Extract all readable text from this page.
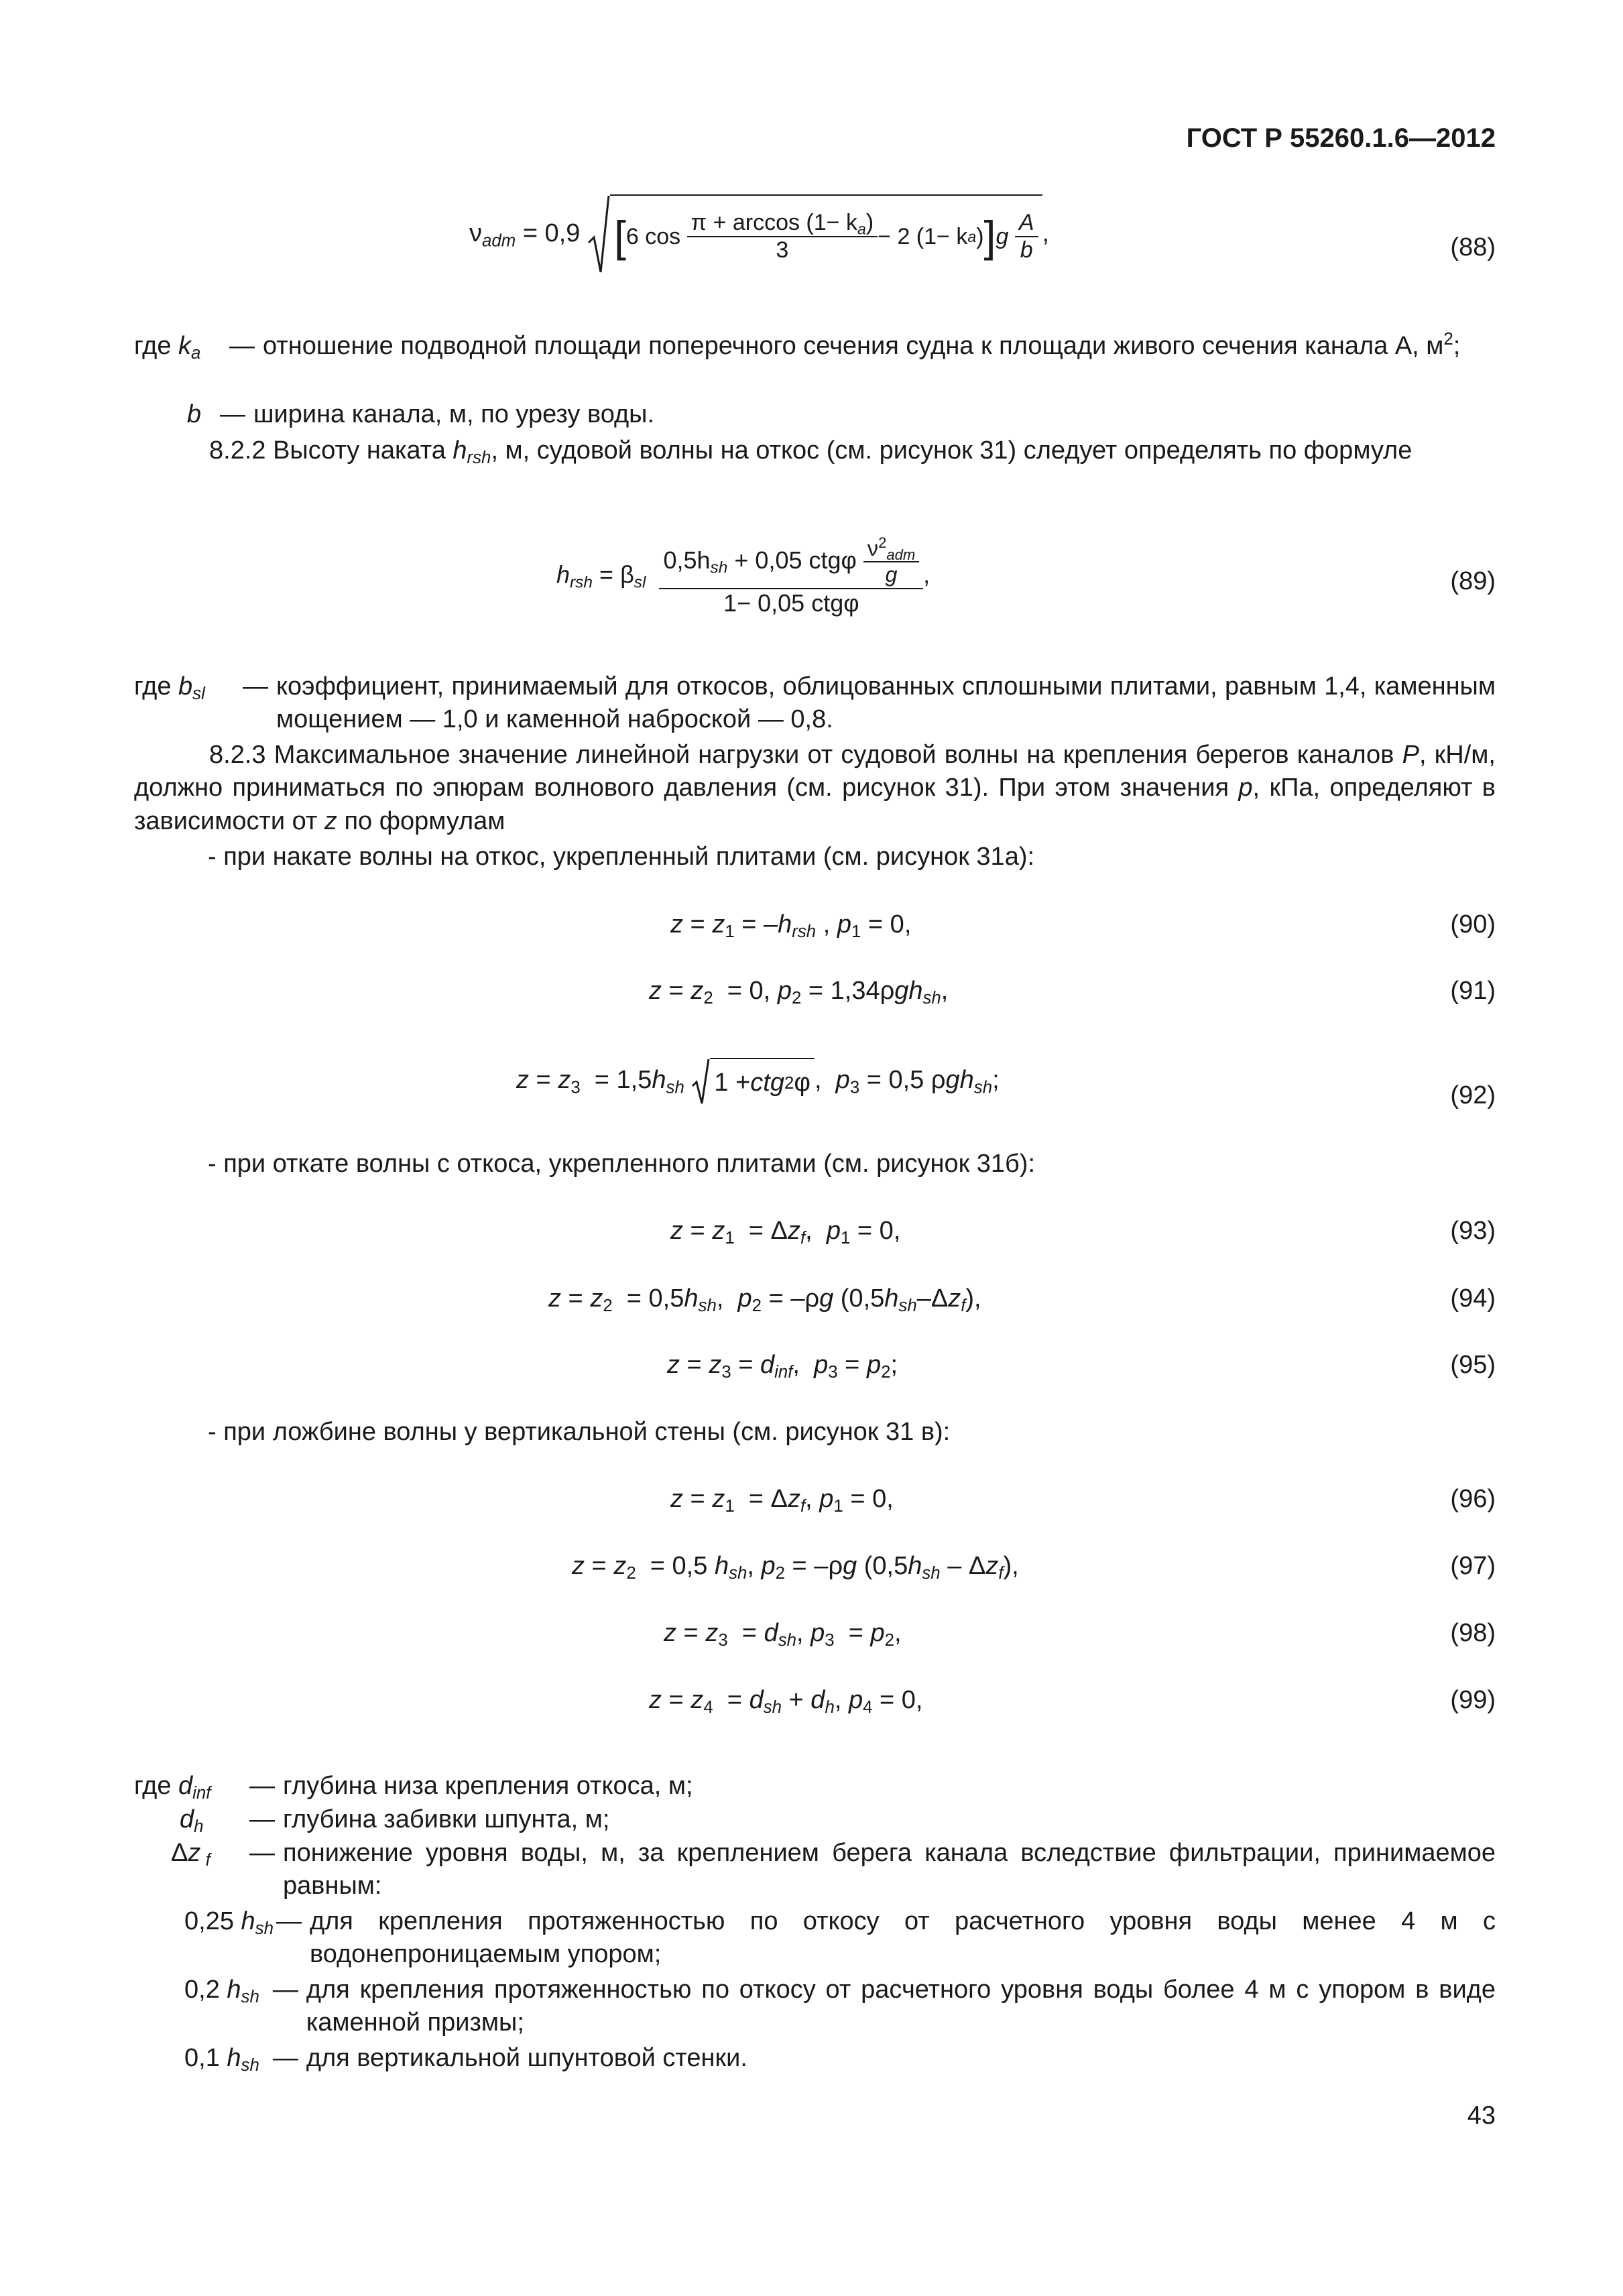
ГОСТ Р 55260.1.6—2012
$\nu_{adm} = 0,9$ [ 6 cos
$\frac{\pi + \arccos (1- k_a)}{3} - 2$ (1− k a ) ] g
$\frac{A}{b}$ ,	(88)
где $k_a$	— отношение подводной площади поперечного сечения судна к площади живого сечения канала А, $м^2$;
b — ширина канала, м, по урезу воды.
8.2.2 Высоту наката $h_{rsh}$, м, судовой волны на откос (см. рисунок 31) следует определять по формуле
$h_{rsh} = \beta_{sl} \frac{0,5h_{sh} + 0,05 ctg\varphi \frac{\nu^2_{adm}}{g}}{\text{1− 0,05 ctgφ}}$ ,	(89)
где $b_{sl}$	— коэффициент, принимаемый для откосов, облицованных сплошными плитами, равным 1,4, каменным мощением — 1,0 и каменной наброской — 0,8.
8.2.3 Максимальное значение линейной нагрузки от судовой волны на крепления берегов каналов P, кН/м, должно приниматься по эпюрам волнового давления (см. рисунок 31). При этом значения p, кПа, определяют в зависимости от z по формулам
- при накате волны на откос, укрепленный плитами (см. рисунок 31а):
$z = z_1 = -h_{rsh}$ , $p_1 = 0$,	(90)
$z = z_2 = 0$, $p_2 = 1,34\rho gh_{sh}$,	(91)
$z = z_3 = 1,5h_{sh}$ 1 + ctg 2 φ ,  $p_3 = 0,5$ ρgh$_{sh}$;
(92)
- при откате волны с откоса, укрепленного плитами (см. рисунок 31б):
$z = z_1 = \Delta z_f$,  $p_1 = 0$,	(93)
$z = z_2 = 0,5h_{sh}$,  $p_2 = -\rho g$ $(0,5h_{sh}-\Delta z_f)$,	(94)
$z = z_3 = d_{inf}$,  $p_3 = p_2$;	(95)
- при ложбине волны у вертикальной стены (см. рисунок 31 в):
$z = z_1 = \Delta z_f$, $p_1 = 0$,	(96)
$z = z_2 = 0,5$ $h_{sh}$, $p_2 = -\rho g$ $(0,5h_{sh} - \Delta z_f)$,	(97)
$z = z_3 = d_{sh}$, $p_3 = p_2$,	(98)
$z = z_4 = d_{sh} + d_h$, $p_4 = 0$,	(99)
где $d_{inf}$	— глубина низа крепления откоса, м;
$d_h$	— глубина забивки шпунта, м;
Δz $_f$	— понижение уровня воды, м, за креплением берега канала вследствие фильтрации, принимаемое равным:
0,25 $h_{sh}$ — для крепления протяженностью по откосу от расчетного уровня воды менее 4 м с водонепроницаемым упором;
0,2 $h_{sh}$ — для крепления протяженностью по откосу от расчетного уровня воды более 4 м с упором в виде каменной призмы;
0,1 $h_{sh}$ — для вертикальной шпунтовой стенки.
43
